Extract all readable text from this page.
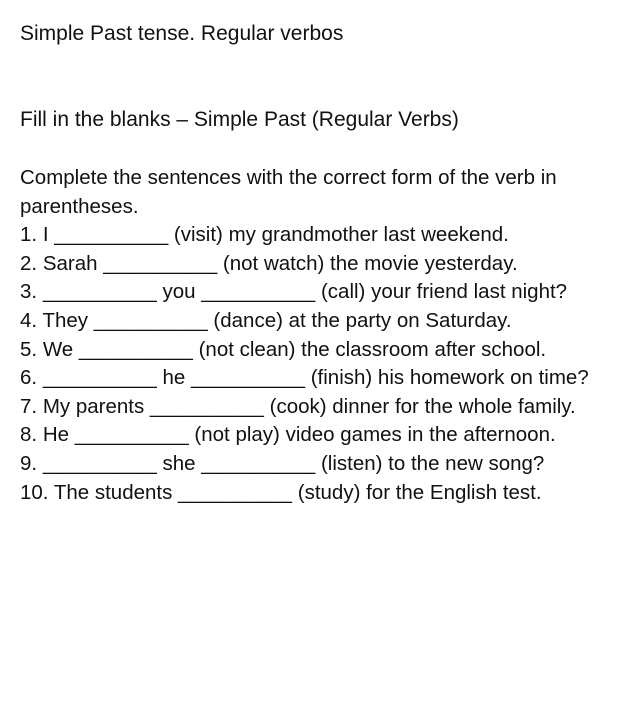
Simple Past tense. Regular verbos
Fill in the blanks – Simple Past (Regular Verbs)

Complete the sentences with the correct form of the verb in parentheses.

1. I __________ (visit) my grandmother last weekend.
2. Sarah __________ (not watch) the movie yesterday.
3. __________ you __________ (call) your friend last night?
4. They __________ (dance) at the party on Saturday.
5. We __________ (not clean) the classroom after school.
6. __________ he __________ (finish) his homework on time?
7. My parents __________ (cook) dinner for the whole family.
8. He __________ (not play) video games in the afternoon.
9. __________ she __________ (listen) to the new song?
10. The students __________ (study) for the English test.
